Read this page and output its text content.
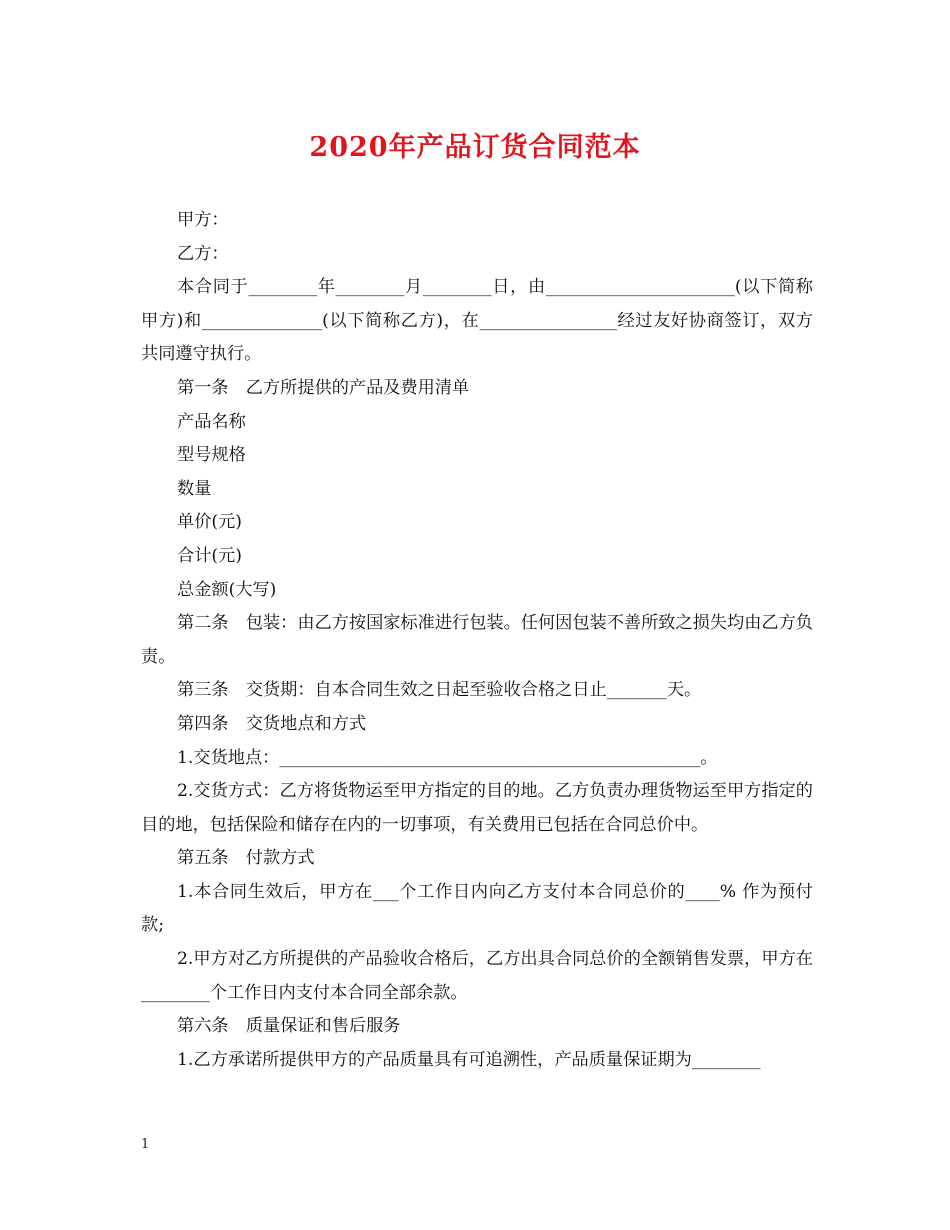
2020年产品订货合同范本

甲方：

乙方：

本合同于________年________月________日，由______________________(以下简称甲方)和______________(以下简称乙方)，在________________经过友好协商签订，双方共同遵守执行。

第一条　乙方所提供的产品及费用清单

产品名称

型号规格

数量

单价(元)

合计(元)

总金额(大写)

第二条　包装：由乙方按国家标准进行包装。任何因包装不善所致之损失均由乙方负责。

第三条　交货期：自本合同生效之日起至验收合格之日止_______天。

第四条　交货地点和方式

1.交货地点：_________________________________________________。

2.交货方式：乙方将货物运至甲方指定的目的地。乙方负责办理货物运至甲方指定的目的地，包括保险和储存在内的一切事项，有关费用已包括在合同总价中。

第五条　付款方式

1.本合同生效后，甲方在___个工作日内向乙方支付本合同总价的____% 作为预付款;

2.甲方对乙方所提供的产品验收合格后，乙方出具合同总价的全额销售发票，甲方在________个工作日内支付本合同全部余款。

第六条　质量保证和售后服务

1.乙方承诺所提供甲方的产品质量具有可追溯性，产品质量保证期为________

1
